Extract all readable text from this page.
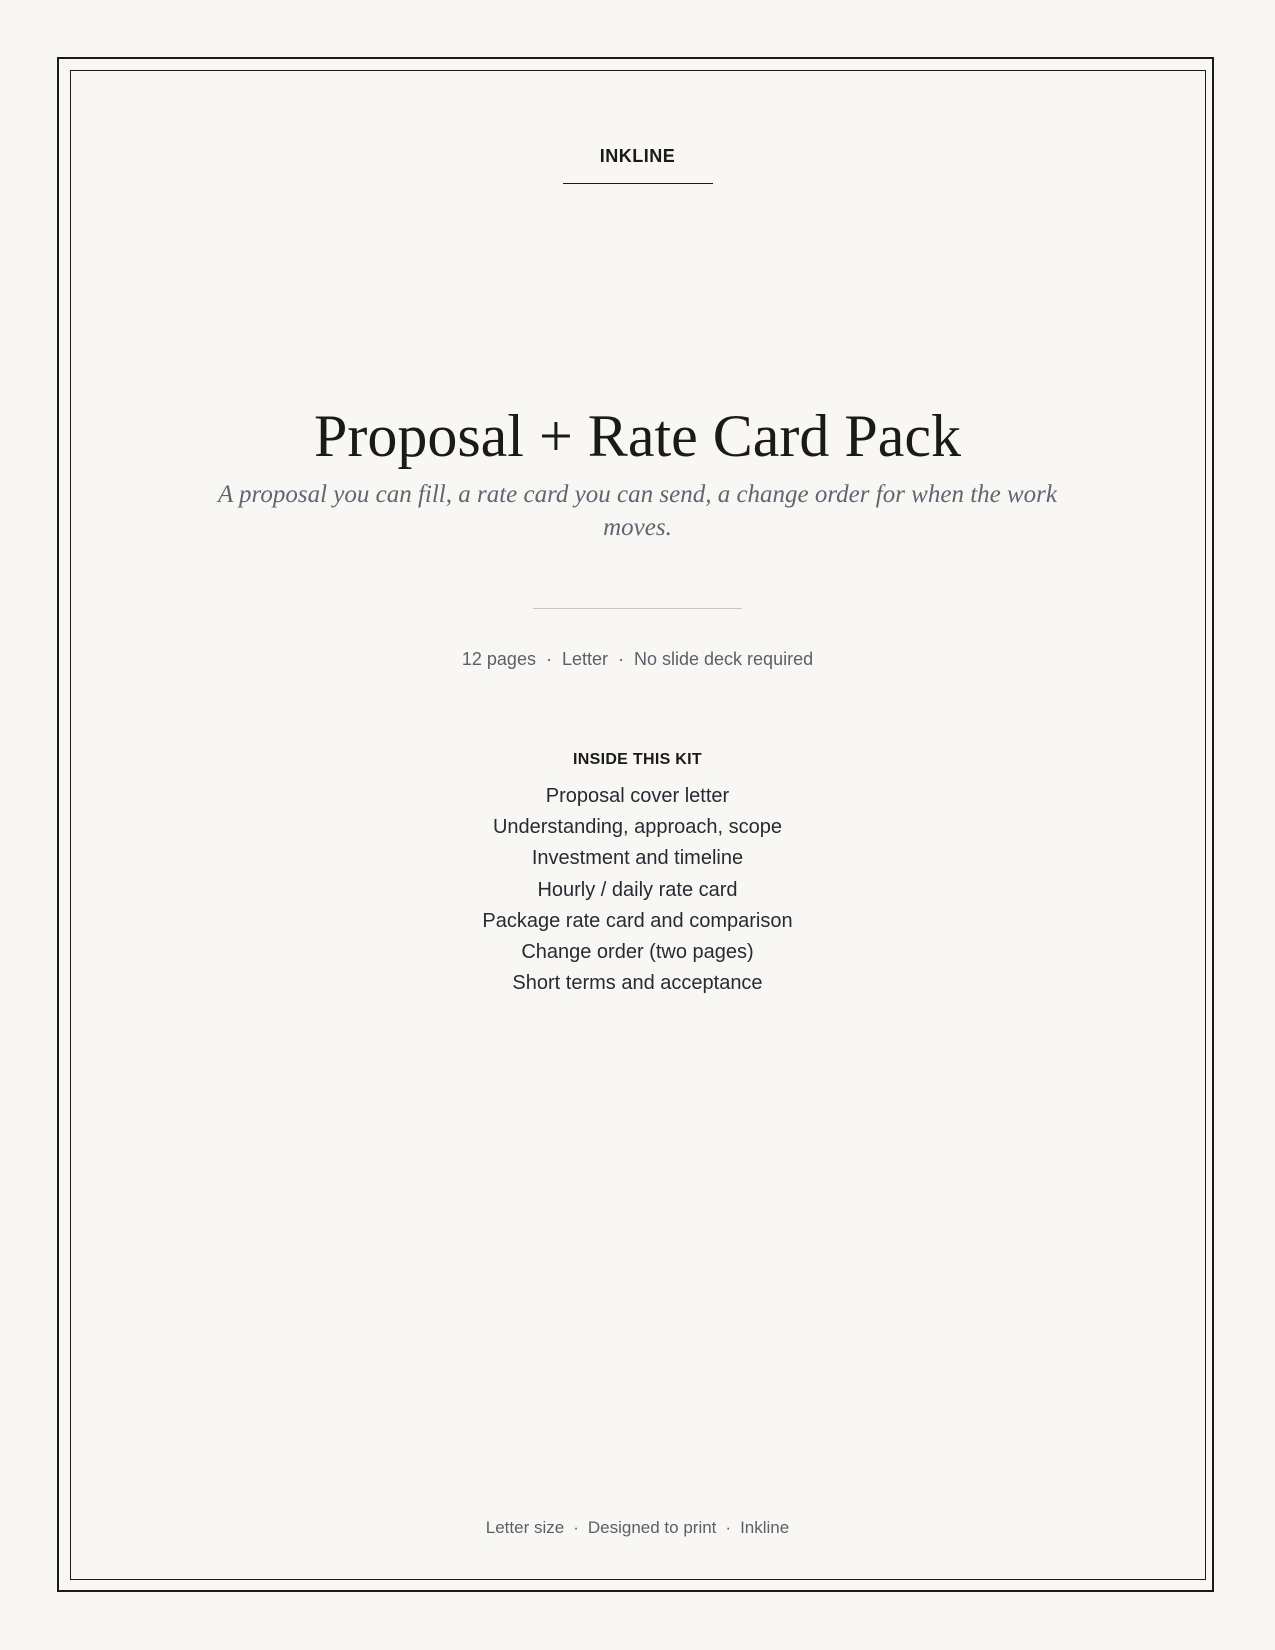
INKLINE
Proposal + Rate Card Pack
A proposal you can fill, a rate card you can send, a change order for when the work moves.
12 pages · Letter · No slide deck required
INSIDE THIS KIT
Proposal cover letter
Understanding, approach, scope
Investment and timeline
Hourly / daily rate card
Package rate card and comparison
Change order (two pages)
Short terms and acceptance
Letter size · Designed to print · Inkline
